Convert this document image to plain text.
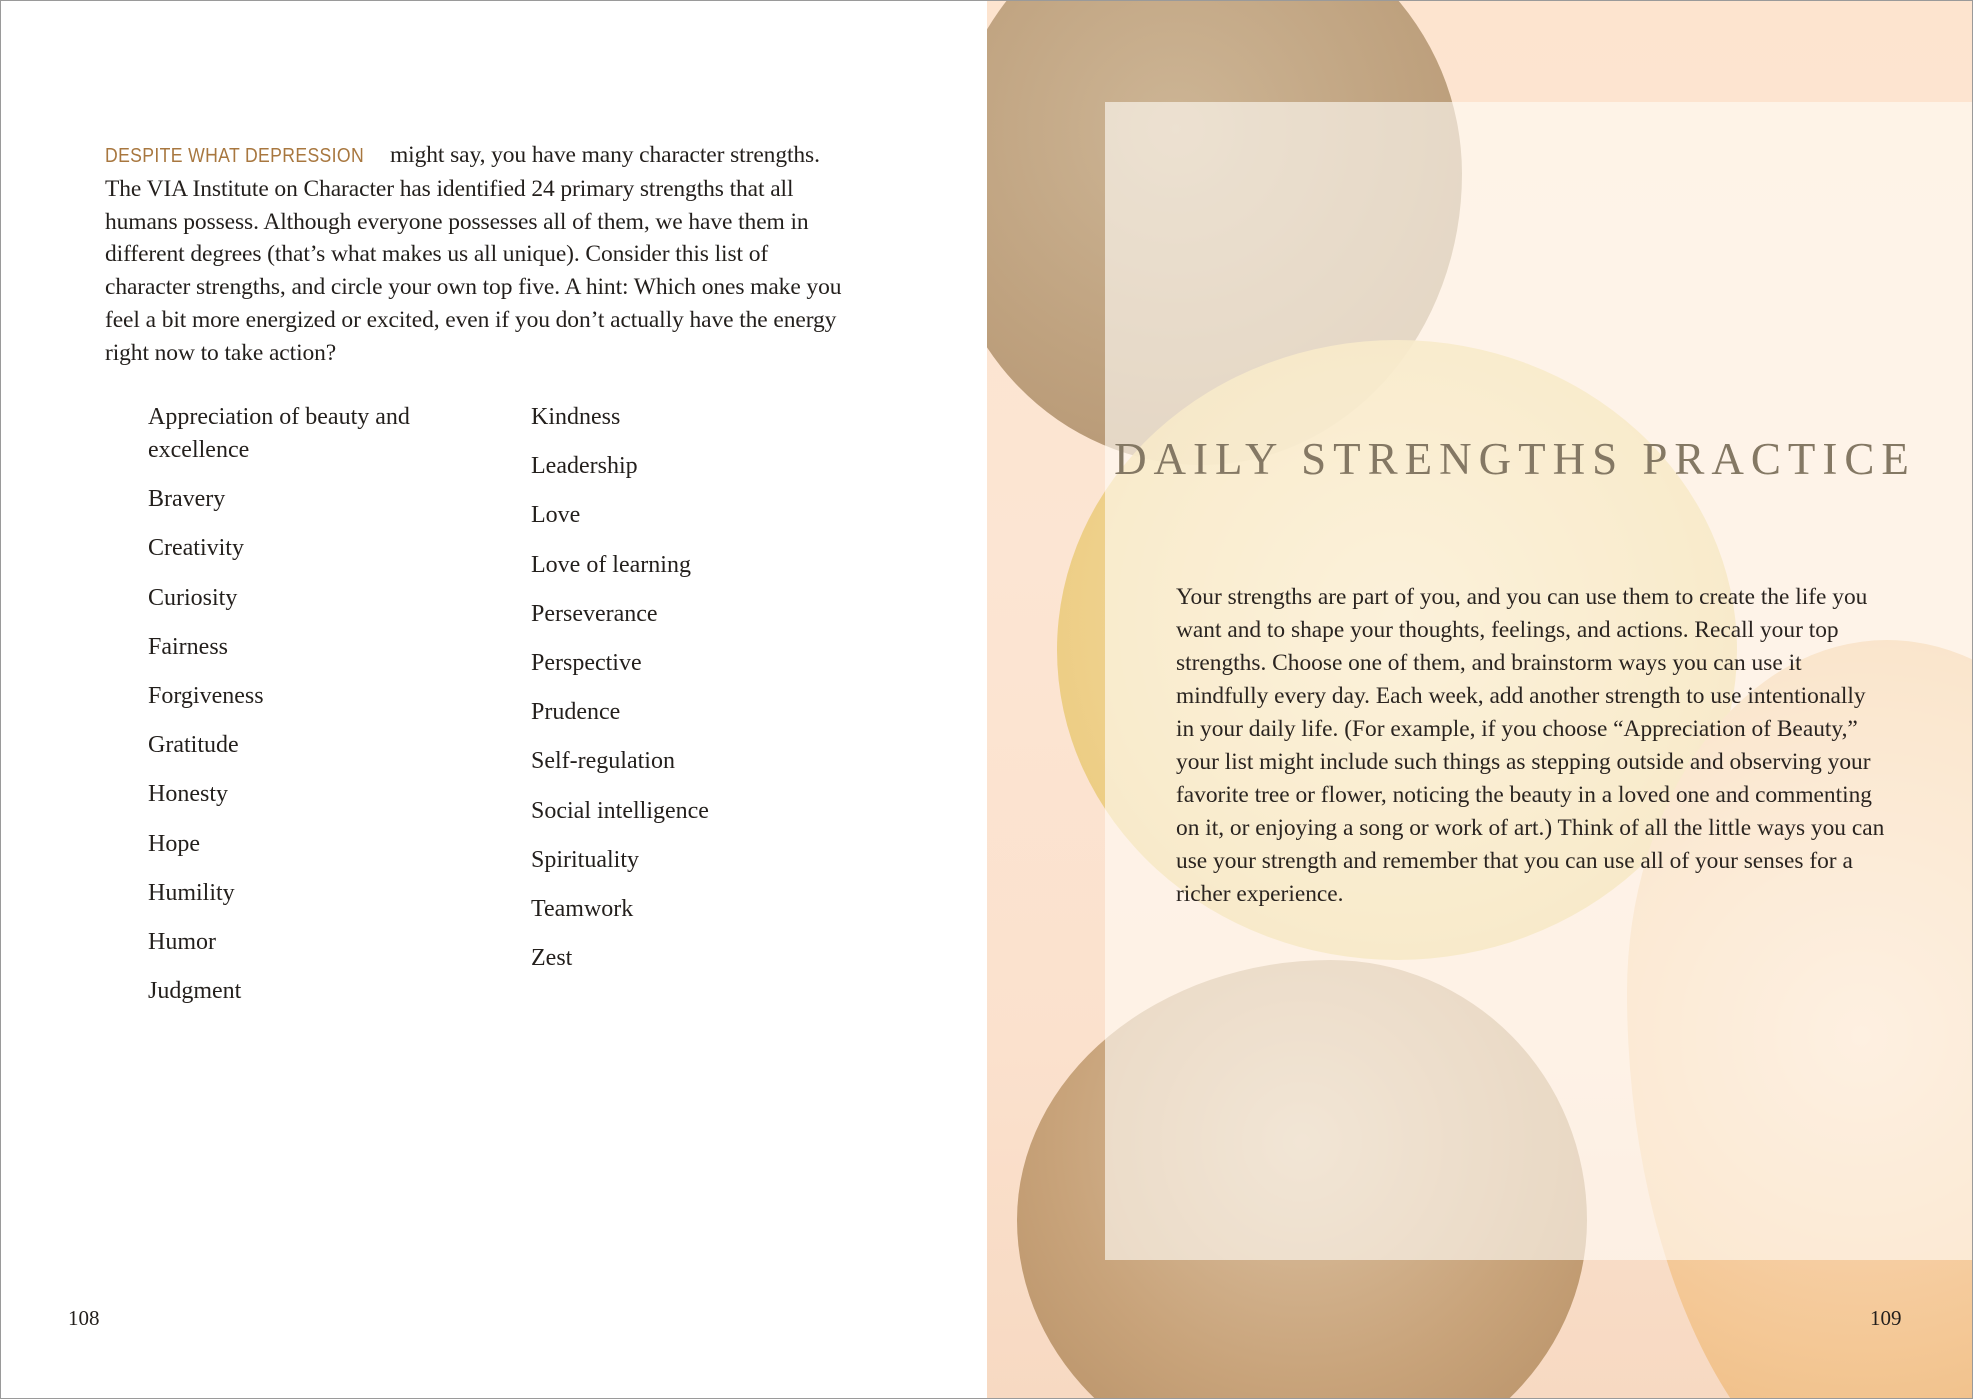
DESPITE WHAT DEPRESSION might say, you have many character strengths. The VIA Institute on Character has identified 24 primary strengths that all humans possess. Although everyone possesses all of them, we have them in different degrees (that’s what makes us all unique). Consider this list of character strengths, and circle your own top five. A hint: Which ones make you feel a bit more energized or excited, even if you don’t actually have the energy right now to take action?

Appreciation of beauty and excellence
Bravery
Creativity
Curiosity
Fairness
Forgiveness
Gratitude
Honesty
Hope
Humility
Humor
Judgment
Kindness
Leadership
Love
Love of learning
Perseverance
Perspective
Prudence
Self-regulation
Social intelligence
Spirituality
Teamwork
Zest
108
DAILY STRENGTHS PRACTICE

Your strengths are part of you, and you can use them to create the life you want and to shape your thoughts, feelings, and actions. Recall your top strengths. Choose one of them, and brainstorm ways you can use it mindfully every day. Each week, add another strength to use intentionally in your daily life. (For example, if you choose “Appreciation of Beauty,” your list might include such things as stepping outside and observing your favorite tree or flower, noticing the beauty in a loved one and commenting on it, or enjoying a song or work of art.) Think of all the little ways you can use your strength and remember that you can use all of your senses for a richer experience.

109
